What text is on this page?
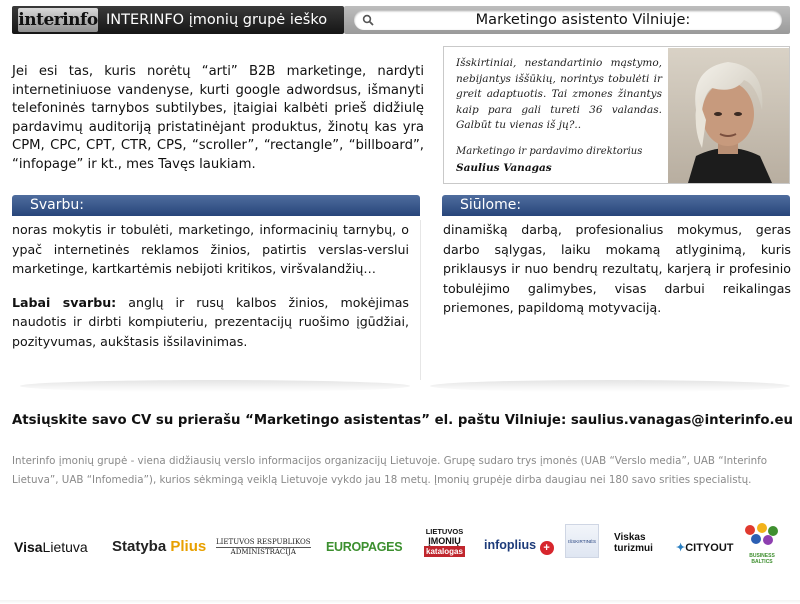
interinfo INTERINFO įmonių grupė ieško	Marketingo asistento Vilniuje:

Jei esi tas, kuris norėtų “arti” B2B marketinge, nardyti internetiniuose vandenyse, kurti google adwordsus, išmanyti telefoninės tarnybos subtilybes, įtaigiai kalbėti prieš didžiulę pardavimų auditoriją pristatinėjant produktus, žinotų kas yra CPM, CPC, CPT, CTR, CPS, “scroller”, “rectangle”, “billboard”, “infopage” ir kt., mes Tavęs laukiam.

Išskirtiniai, nestandartinio mąstymo, nebijantys iššūkių, norintys tobulėti ir greit adaptuotis. Tai zmones žinantys kaip para gali tureti 36 valandas. Galbūt tu vienas iš jų?..

Marketingo ir pardavimo direktorius
Saulius Vanagas
Svarbu:	Siūlome:

noras mokytis ir tobulėti, marketingo, informacinių tarnybų, o ypač internetinės reklamos žinios, patirtis verslas-verslui marketinge, kartkartėmis nebijoti kritikos, viršvalandžių…

Labai svarbu: anglų ir rusų kalbos žinios, mokėjimas naudotis ir dirbti kompiuteriu, prezentacijų ruošimo įgūdžiai, pozityvumas, aukštasis išsilavinimas.

dinamišką darbą, profesionalius mokymus, geras darbo sąlygas, laiku mokamą atlyginimą, kuris priklausys ir nuo bendrų rezultatų, karjerą ir profesinio tobulėjimo galimybes, visas darbui reikalingas priemones, papildomą motyvaciją.

Atsiųskite savo CV su prierašu “Marketingo asistentas” el. paštu Vilniuje: saulius.vanagas@interinfo.eu

Interinfo įmonių grupė - viena didžiausių verslo informacijos organizacijų Lietuvoje. Grupę sudaro trys įmonės (UAB “Verslo media”, UAB “Interinfo Lietuva”, UAB “Infomedia”), kurios sėkmingą veiklą Lietuvoje vykdo jau 18 metų. Įmonių grupėje dirba daugiau nei 180 savo srities specialistų.

VisaLietuva Statyba Plius LIETUVOS RESPUBLIKOS
ADMINISTRACIJA	EUROPAGES
LIETUVOS
ĮMONIŲ
katalogas infoplius +
IŠSKIRTINĖS	Viskas
turizmui ✦CITYOUT
BUSINESS
BALTICS
